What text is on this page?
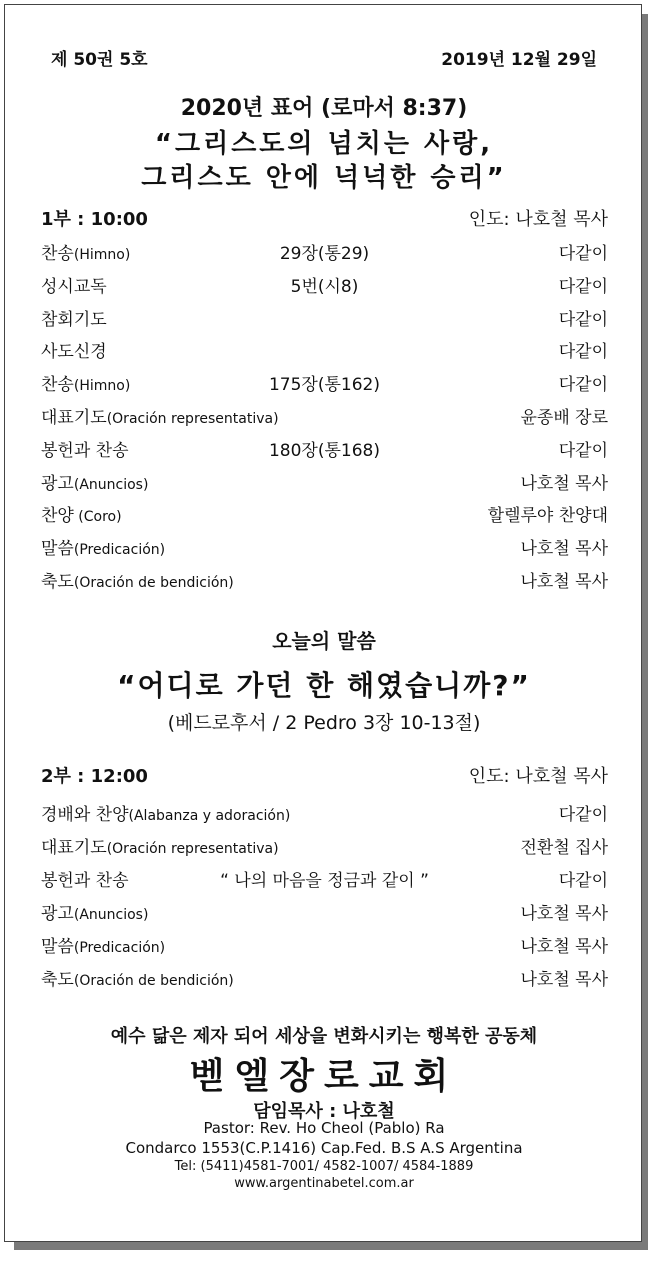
제 50권 5호	2019년 12월 29일
2020년 표어 (로마서 8:37)
“그리스도의 넘치는 사랑,
그리스도 안에 넉넉한 승리”
1부 : 10:00	인도: 나호철 목사
찬송(Himno)	29장(통29)	다같이
성시교독	5번(시8)	다같이
참회기도	다같이
사도신경	다같이
찬송(Himno)	175장(통162)	다같이
대표기도(Oración representativa)	윤종배 장로
봉헌과 찬송	180장(통168)	다같이
광고(Anuncios)	나호철 목사
찬양 (Coro)	할렐루야 찬양대
말씀(Predicación)	나호철 목사
축도(Oración de bendición)	나호철 목사
오늘의 말씀
“어디로 가던 한 해였습니까?”
(베드로후서 / 2 Pedro 3장 10-13절)
2부 : 12:00	인도: 나호철 목사
경배와 찬양(Alabanza y adoración)	다같이
대표기도(Oración representativa)	전환철 집사
봉헌과 찬송	“ 나의 마음을 정금과 같이 ”	다같이
광고(Anuncios)	나호철 목사
말씀(Predicación)	나호철 목사
축도(Oración de bendición)	나호철 목사
예수 닮은 제자 되어 세상을 변화시키는 행복한 공동체
벧엘장로교회
담임목사 : 나호철
Pastor: Rev. Ho Cheol (Pablo) Ra
Condarco 1553(C.P.1416) Cap.Fed. B.S A.S Argentina
Tel: (5411)4581-7001/ 4582-1007/ 4584-1889
www.argentinabetel.com.ar
